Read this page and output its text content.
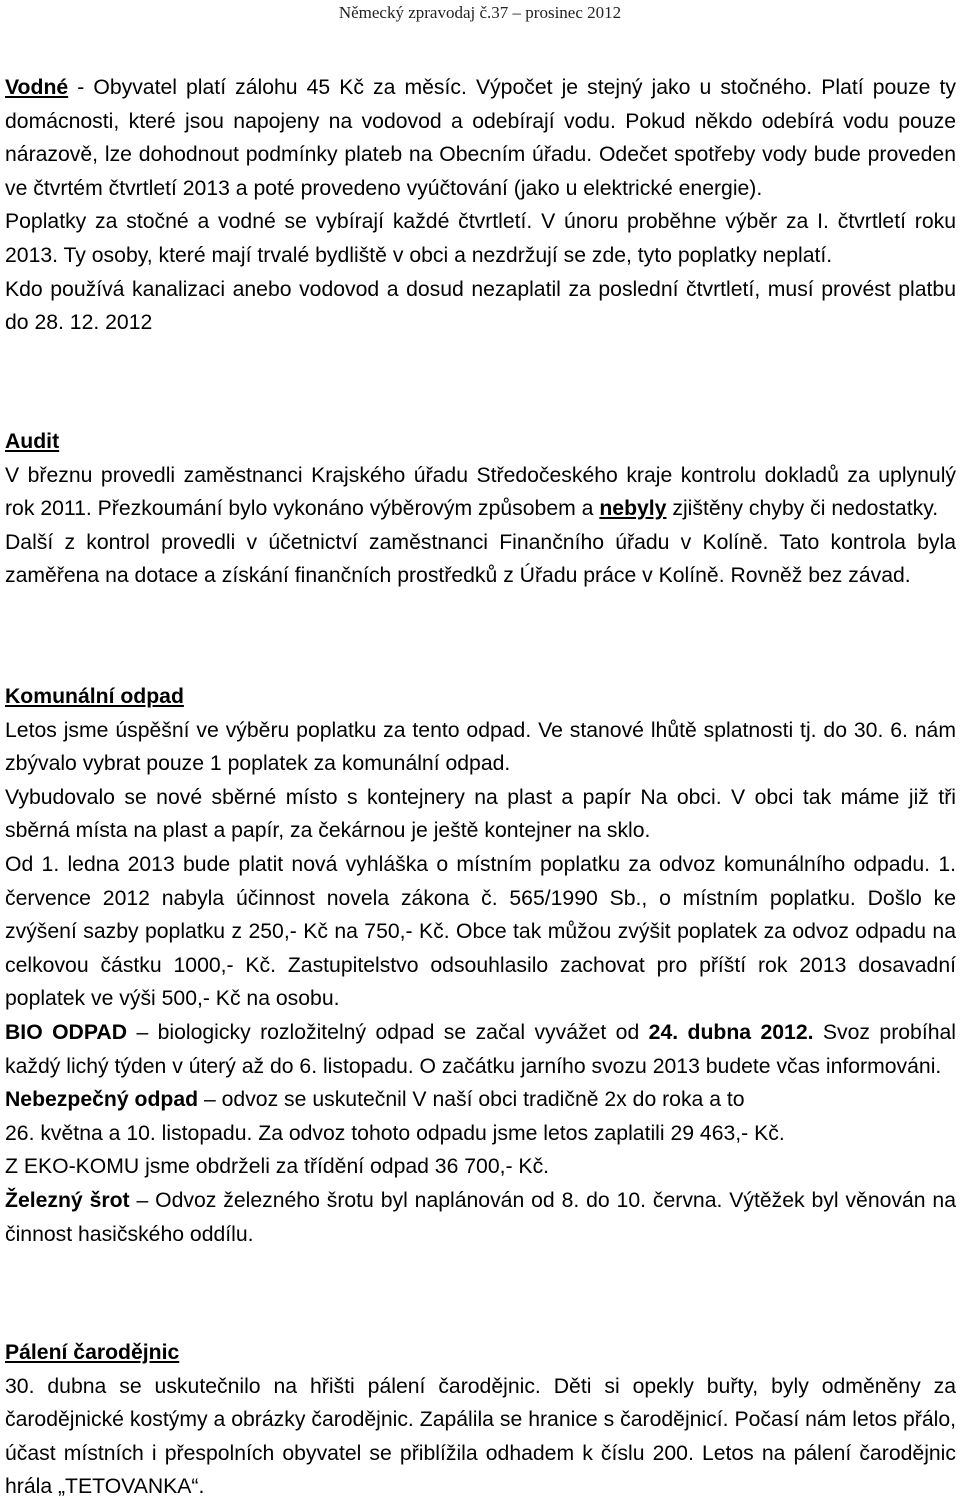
Německý zpravodaj č.37 – prosinec 2012

Vodné - Obyvatel platí zálohu 45 Kč za měsíc. Výpočet je stejný jako u stočného. Platí pouze ty domácnosti, které jsou napojeny na vodovod a odebírají vodu. Pokud někdo odebírá vodu pouze nárazově, lze dohodnout podmínky plateb na Obecním úřadu. Odečet spotřeby vody bude proveden ve čtvrtém čtvrtletí 2013 a poté provedeno vyúčtování (jako u elektrické energie).

Poplatky za stočné a vodné se vybírají každé čtvrtletí. V únoru proběhne výběr za I. čtvrtletí roku 2013. Ty osoby, které mají trvalé bydliště v obci a nezdržují se zde, tyto poplatky neplatí.

Kdo používá kanalizaci anebo vodovod a dosud nezaplatil za poslední čtvrtletí, musí provést platbu do 28. 12. 2012

Audit

V březnu provedli zaměstnanci Krajského úřadu Středočeského kraje kontrolu dokladů za uplynulý rok 2011. Přezkoumání bylo vykonáno výběrovým způsobem a nebyly zjištěny chyby či nedostatky.

Další z kontrol provedli v účetnictví zaměstnanci Finančního úřadu v Kolíně. Tato kontrola byla zaměřena na dotace a získání finančních prostředků z Úřadu práce v Kolíně. Rovněž bez závad.

Komunální odpad

Letos jsme úspěšní ve výběru poplatku za tento odpad. Ve stanové lhůtě splatnosti tj. do 30. 6. nám zbývalo vybrat pouze 1 poplatek za komunální odpad.

Vybudovalo se nové sběrné místo s kontejnery na plast a papír Na obci. V obci tak máme již tři sběrná místa na plast a papír, za čekárnou je ještě kontejner na sklo.

Od 1. ledna 2013 bude platit nová vyhláška o místním poplatku za odvoz komunálního odpadu. 1. července 2012 nabyla účinnost novela zákona č. 565/1990 Sb., o místním poplatku. Došlo ke zvýšení sazby poplatku z 250,- Kč na 750,- Kč. Obce tak můžou zvýšit poplatek za odvoz odpadu na celkovou částku 1000,- Kč. Zastupitelstvo odsouhlasilo zachovat pro příští rok 2013 dosavadní poplatek ve výši 500,- Kč na osobu.

BIO ODPAD – biologicky rozložitelný odpad se začal vyvážet od 24. dubna 2012. Svoz probíhal každý lichý týden v úterý až do 6. listopadu. O začátku jarního svozu 2013 budete včas informováni.

Nebezpečný odpad – odvoz se uskutečnil V naší obci tradičně 2x do roka a to

26. května a 10. listopadu. Za odvoz tohoto odpadu jsme letos zaplatili 29 463,- Kč.

Z EKO-KOMU jsme obdrželi za třídění odpad 36 700,- Kč.

Železný šrot – Odvoz železného šrotu byl naplánován od 8. do 10. června. Výtěžek byl věnován na činnost hasičského oddílu.

Pálení čarodějnic

30. dubna se uskutečnilo na hřišti pálení čarodějnic. Děti si opekly buřty, byly odměněny za čarodějnické kostýmy a obrázky čarodějnic. Zapálila se hranice s čarodějnicí. Počasí nám letos přálo, účast místních i přespolních obyvatel se přiblížila odhadem k číslu 200. Letos na pálení čarodějnic hrála „TETOVANKA“.
